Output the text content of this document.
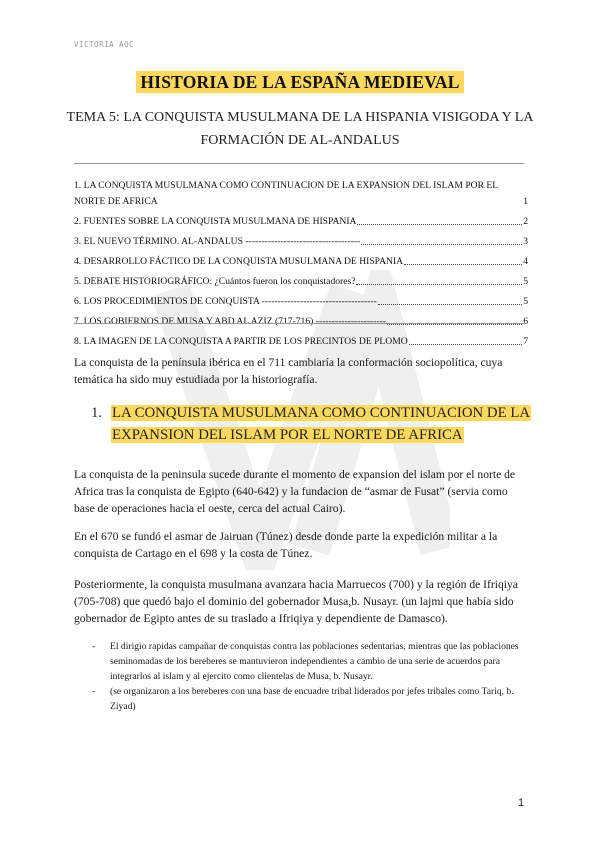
VICTORIA AOC
HISTORIA DE LA ESPAÑA MEDIEVAL
TEMA 5: LA CONQUISTA MUSULMANA DE LA HISPANIA VISIGODA Y LA FORMACIÓN DE AL-ANDALUS
1. LA CONQUISTA MUSULMANA COMO CONTINUACION DE LA EXPANSION DEL ISLAM POR EL NORTE DE AFRICA	1
2. FUENTES SOBRE LA CONQUISTA MUSULMANA DE HISPANIA	2
3. EL NUEVO TÉRMINO. AL-ANDALUS ------------------------------------	3
4. DESARROLLO FÁCTICO DE LA CONQUISTA MUSULMANA DE HISPANIA	4
5. DEBATE HISTORIOGRÁFICO: ¿Cuántos fueron los conquistadores?	5
6. LOS PROCEDIMIENTOS DE CONQUISTA ------------------------------------	5
7. LOS GOBIERNOS DE MUSA Y ABD AL AZIZ (717-716) ----------------------	6
8. LA IMAGEN DE LA CONQUISTA A PARTIR DE LOS PRECINTOS DE PLOMO	7
La conquista de la península ibérica en el 711 cambiaría la conformación sociopolítica, cuya temática ha sido muy estudiada por la historiografía.
1. LA CONQUISTA MUSULMANA COMO CONTINUACION DE LA EXPANSION DEL ISLAM POR EL NORTE DE AFRICA
La conquista de la peninsula sucede durante el momento de expansion del islam por el norte de Africa tras la conquista de Egipto (640-642) y la fundacion de “asmar de Fusat” (servia como base de operaciones hacia el oeste, cerca del actual Cairo).
En el 670 se fundó el asmar de Jairuan (Túnez) desde donde parte la expedición militar a la conquista de Cartago en el 698 y la costa de Túnez.
Posteriormente, la conquista musulmana avanzara hacia Marruecos (700) y la región de Ifriqiya (705-708) que quedó bajo el dominio del gobernador Musa,b. Nusayr. (un lajmi que había sido gobernador de Egipto antes de su traslado a Ifriqiya y dependiente de Damasco).
-	El dirigio rapidas campañar de conquistas contra las poblaciones sedentarias, mientras que las poblaciones seminomadas de los bereberes se mantuvieron independientes a cambio de una serie de acuerdos para integrarlos al islam y al ejercito como clientelas de Musa, b. Nusayr.
-	(se organizaron a los bereberes con una base de encuadre tribal liderados por jefes tribales como Tariq, b. Ziyad)
1
